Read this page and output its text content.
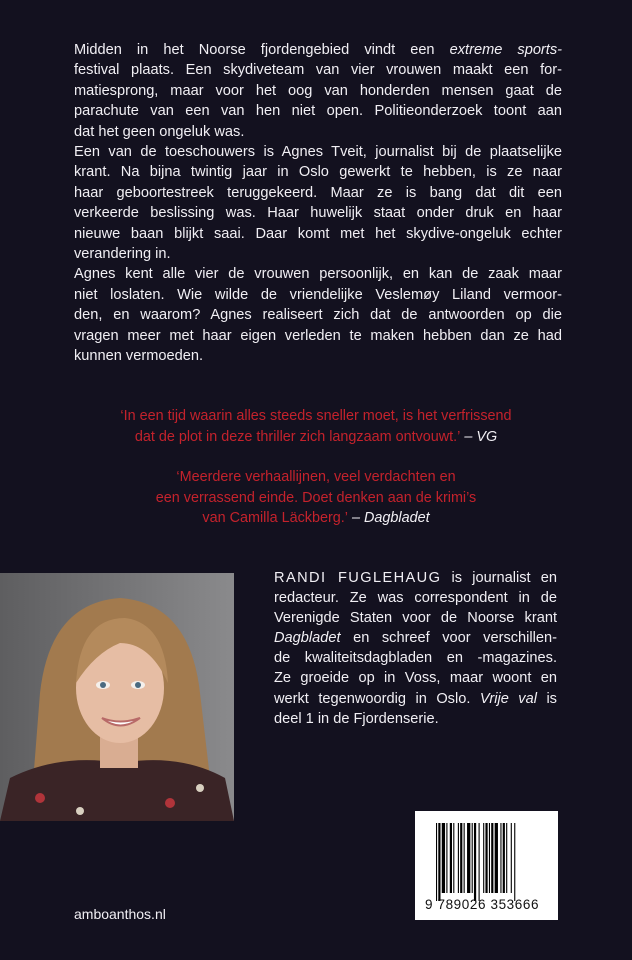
Midden in het Noorse fjordengebied vindt een extreme sports-
festival plaats. Een skydiveteam van vier vrouwen maakt een for-
matiesprong, maar voor het oog van honderden mensen gaat de
parachute van een van hen niet open. Politieonderzoek toont aan
dat het geen ongeluk was.
Een van de toeschouwers is Agnes Tveit, journalist bij de plaatselijke
krant. Na bijna twintig jaar in Oslo gewerkt te hebben, is ze naar
haar geboortestreek teruggekeerd. Maar ze is bang dat dit een
verkeerde beslissing was. Haar huwelijk staat onder druk en haar
nieuwe baan blijkt saai. Daar komt met het skydive-ongeluk echter
verandering in.
Agnes kent alle vier de vrouwen persoonlijk, en kan de zaak maar
niet loslaten. Wie wilde de vriendelijke Veslemøy Liland vermoor-
den, en waarom? Agnes realiseert zich dat de antwoorden op die
vragen meer met haar eigen verleden te maken hebben dan ze had
kunnen vermoeden.
‘In een tijd waarin alles steeds sneller moet, is het verfrissend
dat de plot in deze thriller zich langzaam ontvouwt.’ – VG
‘Meerdere verhaallijnen, veel verdachten en
een verrassend einde. Doet denken aan de krimi’s
van Camilla Läckberg.’ – Dagbladet
RANDI FUGLEHAUG is journalist en
redacteur. Ze was correspondent in de
Verenigde Staten voor de Noorse krant
Dagbladet en schreef voor verschillen-
de kwaliteitsdagbladen en -magazines.
Ze groeide op in Voss, maar woont en
werkt tegenwoordig in Oslo. Vrije val is
deel 1 in de Fjordenserie.
amboanthos.nl
9 789026 353666
